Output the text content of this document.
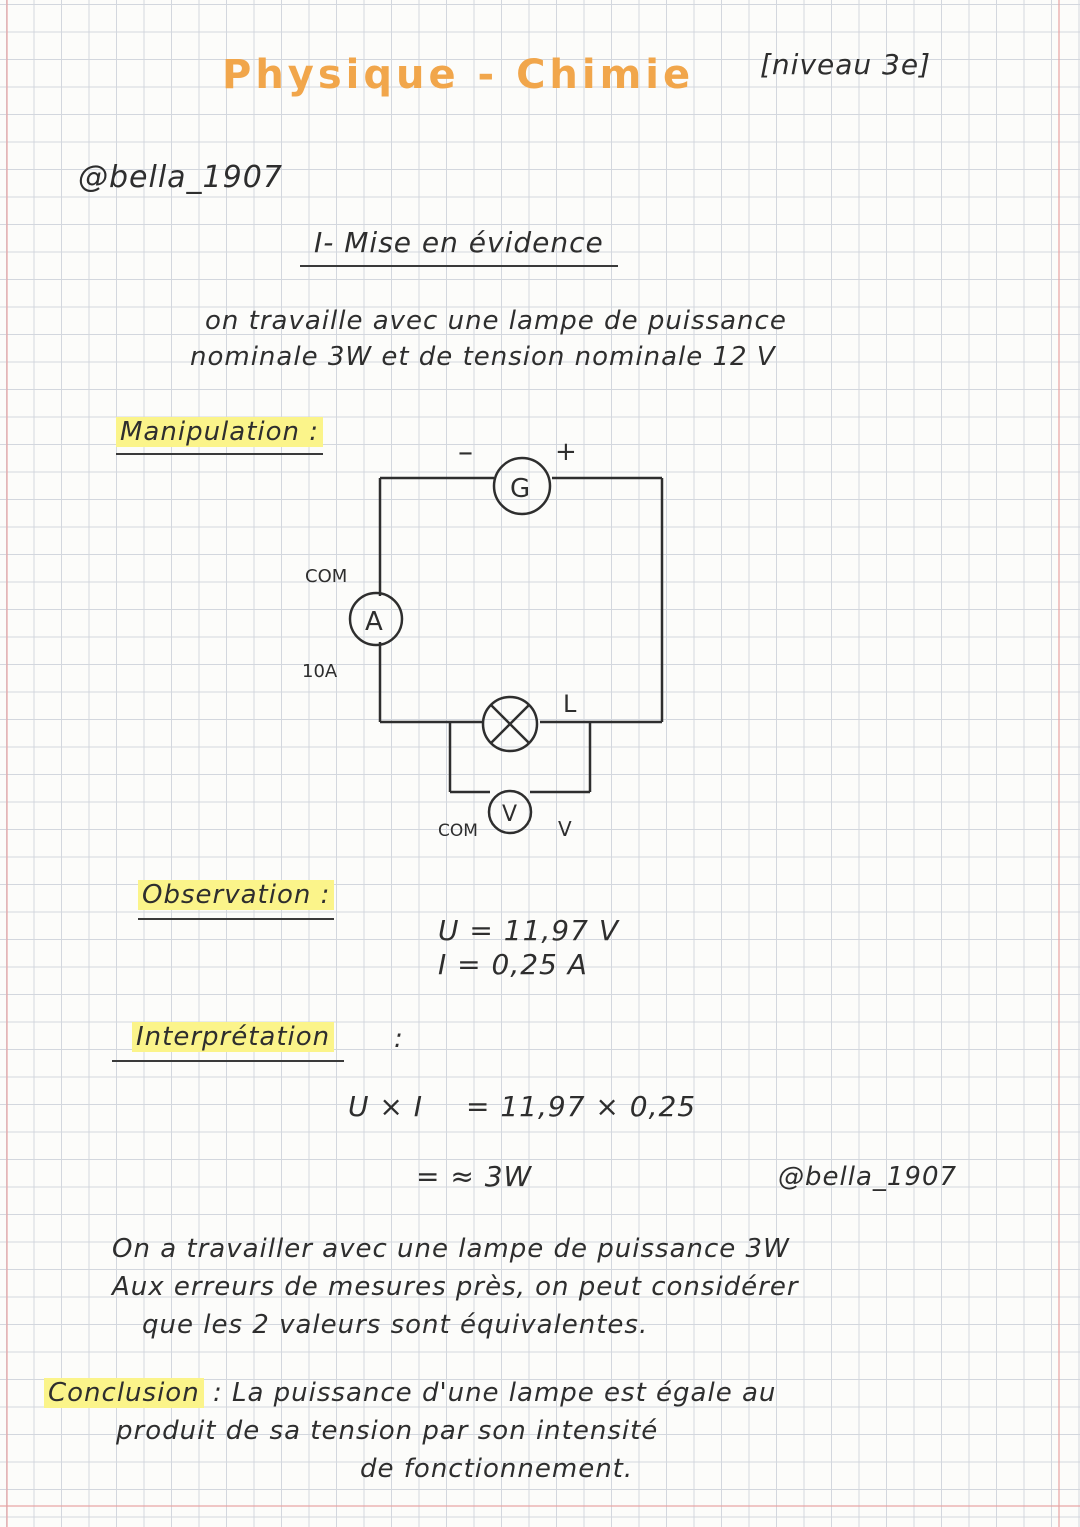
Physique - Chimie [niveau 3e]
@bella_1907
I- Mise en évidence
on travaille avec une lampe de puissance
nominale 3W et de tension nominale 12 V
Manipulation :
G
–	+
A
COM
10A
L
V
COM	V
Observation :
U = 11,97 V
I = 0,25 A
Interprétation	:
U × I = 11,97 × 0,25
= ≈ 3W	@bella_1907
On a travailler avec une lampe de puissance 3W
Aux erreurs de mesures près, on peut considérer
que les 2 valeurs sont équivalentes.
Conclusion : La puissance d'une lampe est égale au
produit de sa tension par son intensité
de fonctionnement.
